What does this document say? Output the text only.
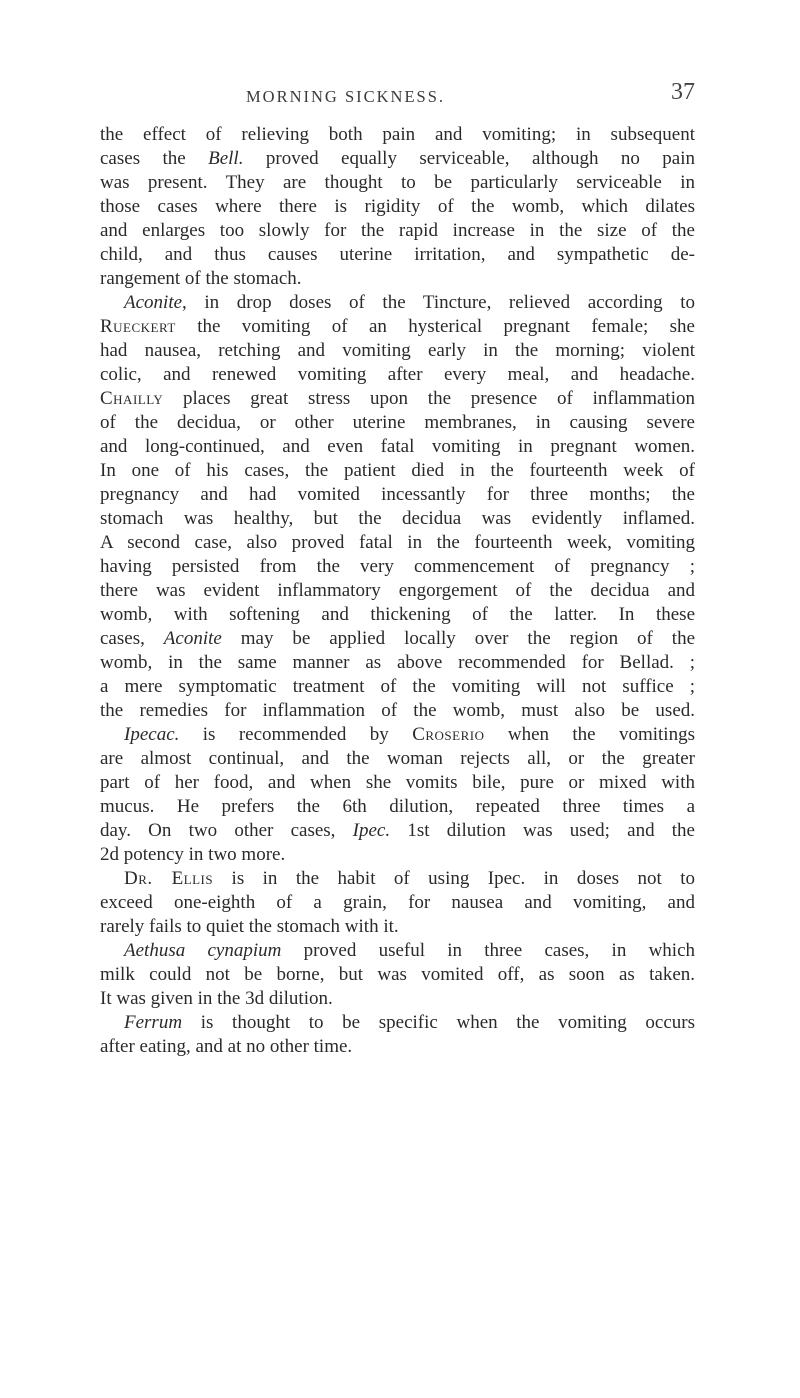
MORNING SICKNESS.	37
the effect of relieving both pain and vomiting; in subsequent
cases the Bell. proved equally serviceable, although no pain
was present. They are thought to be particularly serviceable in
those cases where there is rigidity of the womb, which dilates
and enlarges too slowly for the rapid increase in the size of the
child, and thus causes uterine irritation, and sympathetic de-
rangement of the stomach.
Aconite, in drop doses of the Tincture, relieved according to
Rueckert the vomiting of an hysterical pregnant female; she
had nausea, retching and vomiting early in the morning; violent
colic, and renewed vomiting after every meal, and headache.
Chailly places great stress upon the presence of inflammation
of the decidua, or other uterine membranes, in causing severe
and long-continued, and even fatal vomiting in pregnant women.
In one of his cases, the patient died in the fourteenth week of
pregnancy and had vomited incessantly for three months; the
stomach was healthy, but the decidua was evidently inflamed.
A second case, also proved fatal in the fourteenth week, vomiting
having persisted from the very commencement of pregnancy ;
there was evident inflammatory engorgement of the decidua and
womb, with softening and thickening of the latter. In these
cases, Aconite may be applied locally over the region of the
womb, in the same manner as above recommended for Bellad. ;
a mere symptomatic treatment of the vomiting will not suffice ;
the remedies for inflammation of the womb, must also be used.
Ipecac. is recommended by Croserio when the vomitings
are almost continual, and the woman rejects all, or the greater
part of her food, and when she vomits bile, pure or mixed with
mucus. He prefers the 6th dilution, repeated three times a
day. On two other cases, Ipec. 1st dilution was used; and the
2d potency in two more.
Dr. Ellis is in the habit of using Ipec. in doses not to
exceed one-eighth of a grain, for nausea and vomiting, and
rarely fails to quiet the stomach with it.
Aethusa cynapium proved useful in three cases, in which
milk could not be borne, but was vomited off, as soon as taken.
It was given in the 3d dilution.
Ferrum is thought to be specific when the vomiting occurs
after eating, and at no other time.
